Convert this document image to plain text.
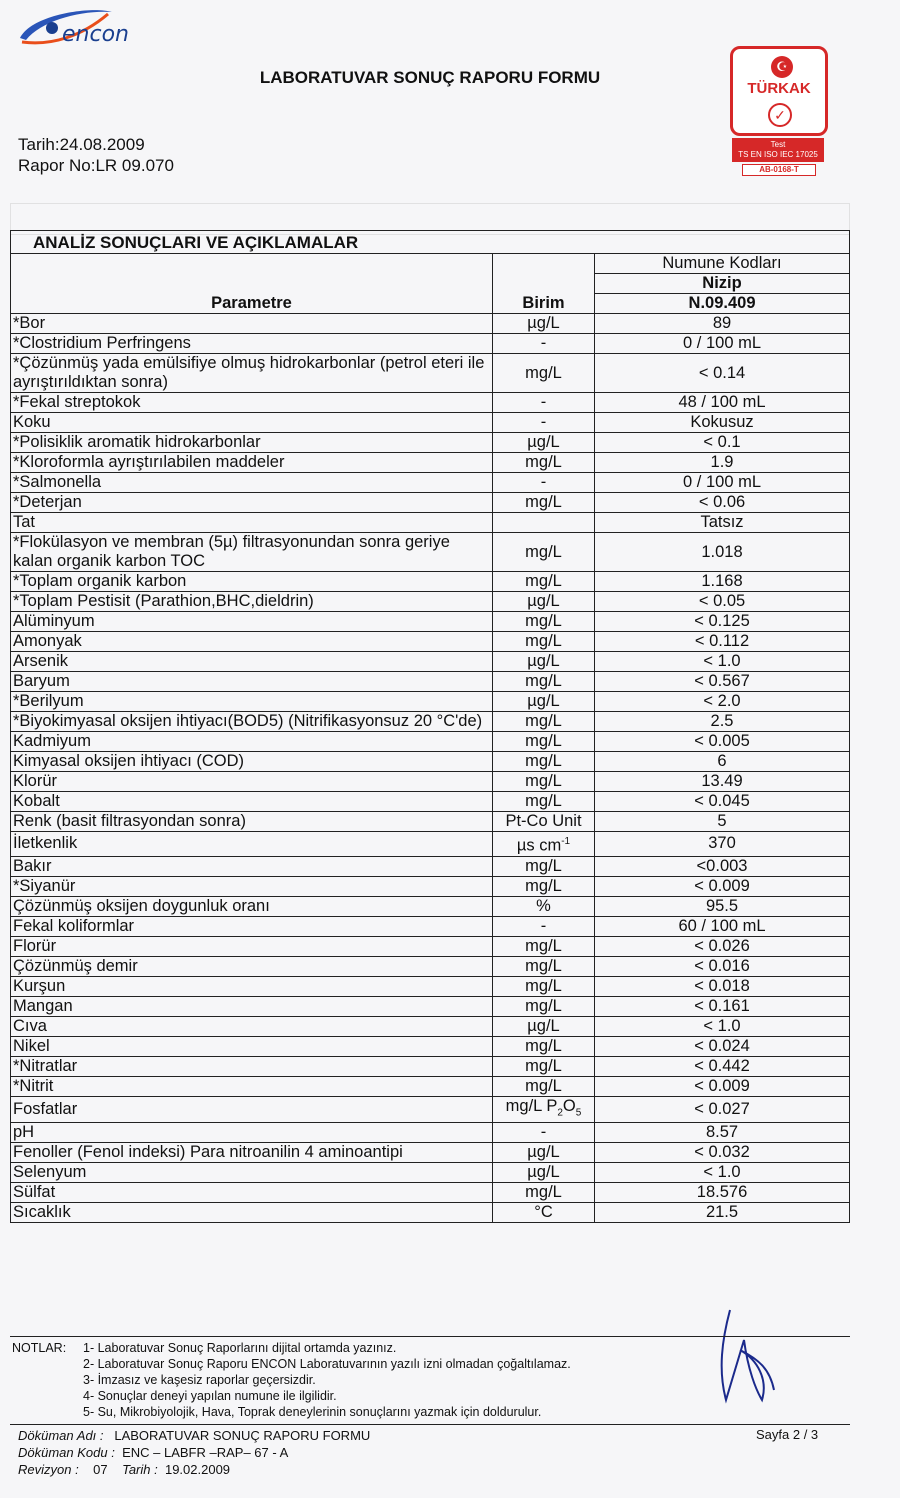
encon
LABORATUVAR SONUÇ RAPORU FORMU
Tarih:24.08.2009
Rapor No:LR 09.070
☪
✓
TÜRKAK
Test
TS EN ISO IEC 17025
AB-0168-T
ANALİZ SONUÇLARI VE AÇIKLAMALAR		
Parametre	Birim	Numune Kodları
		Nizip
		N.09.409
*Bor	µg/L	89
*Clostridium Perfringens	-	0 / 100 mL
*Çözünmüş yada emülsifiye olmuş hidrokarbonlar (petrol eteri ile ayrıştırıldıktan sonra)	mg/L	< 0.14
*Fekal streptokok	-	48 / 100 mL
Koku	-	Kokusuz
*Polisiklik aromatik hidrokarbonlar	µg/L	< 0.1
*Kloroformla ayrıştırılabilen maddeler	mg/L	1.9
*Salmonella	-	0 / 100 mL
*Deterjan	mg/L	< 0.06
Tat		Tatsız
*Flokülasyon ve membran (5µ) filtrasyonundan sonra geriye kalan organik karbon TOC	mg/L	1.018
*Toplam organik karbon	mg/L	1.168
*Toplam Pestisit (Parathion,BHC,dieldrin)	µg/L	< 0.05
Alüminyum	mg/L	< 0.125
Amonyak	mg/L	< 0.112
Arsenik	µg/L	< 1.0
Baryum	mg/L	< 0.567
*Berilyum	µg/L	< 2.0
*Biyokimyasal oksijen ihtiyacı(BOD5) (Nitrifikasyonsuz 20 °C'de)	mg/L	2.5
Kadmiyum	mg/L	< 0.005
Kimyasal oksijen ihtiyacı (COD)	mg/L	6
Klorür	mg/L	13.49
Kobalt	mg/L	< 0.045
Renk (basit filtrasyondan sonra)	Pt-Co Unit	5
İletkenlik	µs $cm^{-1}$	370
Bakır	mg/L	<0.003
*Siyanür	mg/L	< 0.009
Çözünmüş oksijen doygunluk oranı	%	95.5
Fekal koliformlar	-	60 / 100 mL
Florür	mg/L	< 0.026
Çözünmüş demir	mg/L	< 0.016
Kurşun	mg/L	< 0.018
Mangan	mg/L	< 0.161
Cıva	µg/L	< 1.0
Nikel	mg/L	< 0.024
*Nitratlar	mg/L	< 0.442
*Nitrit	mg/L	< 0.009
Fosfatlar	mg/L $P_2O_5$	< 0.027
pH	-	8.57
Fenoller (Fenol indeksi) Para nitroanilin 4 aminoantipi	µg/L	< 0.032
Selenyum	µg/L	< 1.0
Sülfat	mg/L	18.576
Sıcaklık	°C	21.5
NOTLAR:	1- Laboratuvar Sonuç Raporlarını dijital ortamda yazınız.
2- Laboratuvar Sonuç Raporu ENCON Laboratuvarının yazılı izni olmadan çoğaltılamaz.
3- İmzasız ve kaşesiz raporlar geçersizdir.
4- Sonuçlar deneyi yapılan numune ile ilgilidir.
5- Su, Mikrobiyolojik, Hava, Toprak deneylerinin sonuçlarını yazmak için doldurulur.
Döküman Adı : LABORATUVAR SONUÇ RAPORU FORMU
Döküman Kodu : ENC – LABFR –RAP– 67 - A
Revizyon : 07 Tarih : 19.02.2009
Sayfa 2 / 3
